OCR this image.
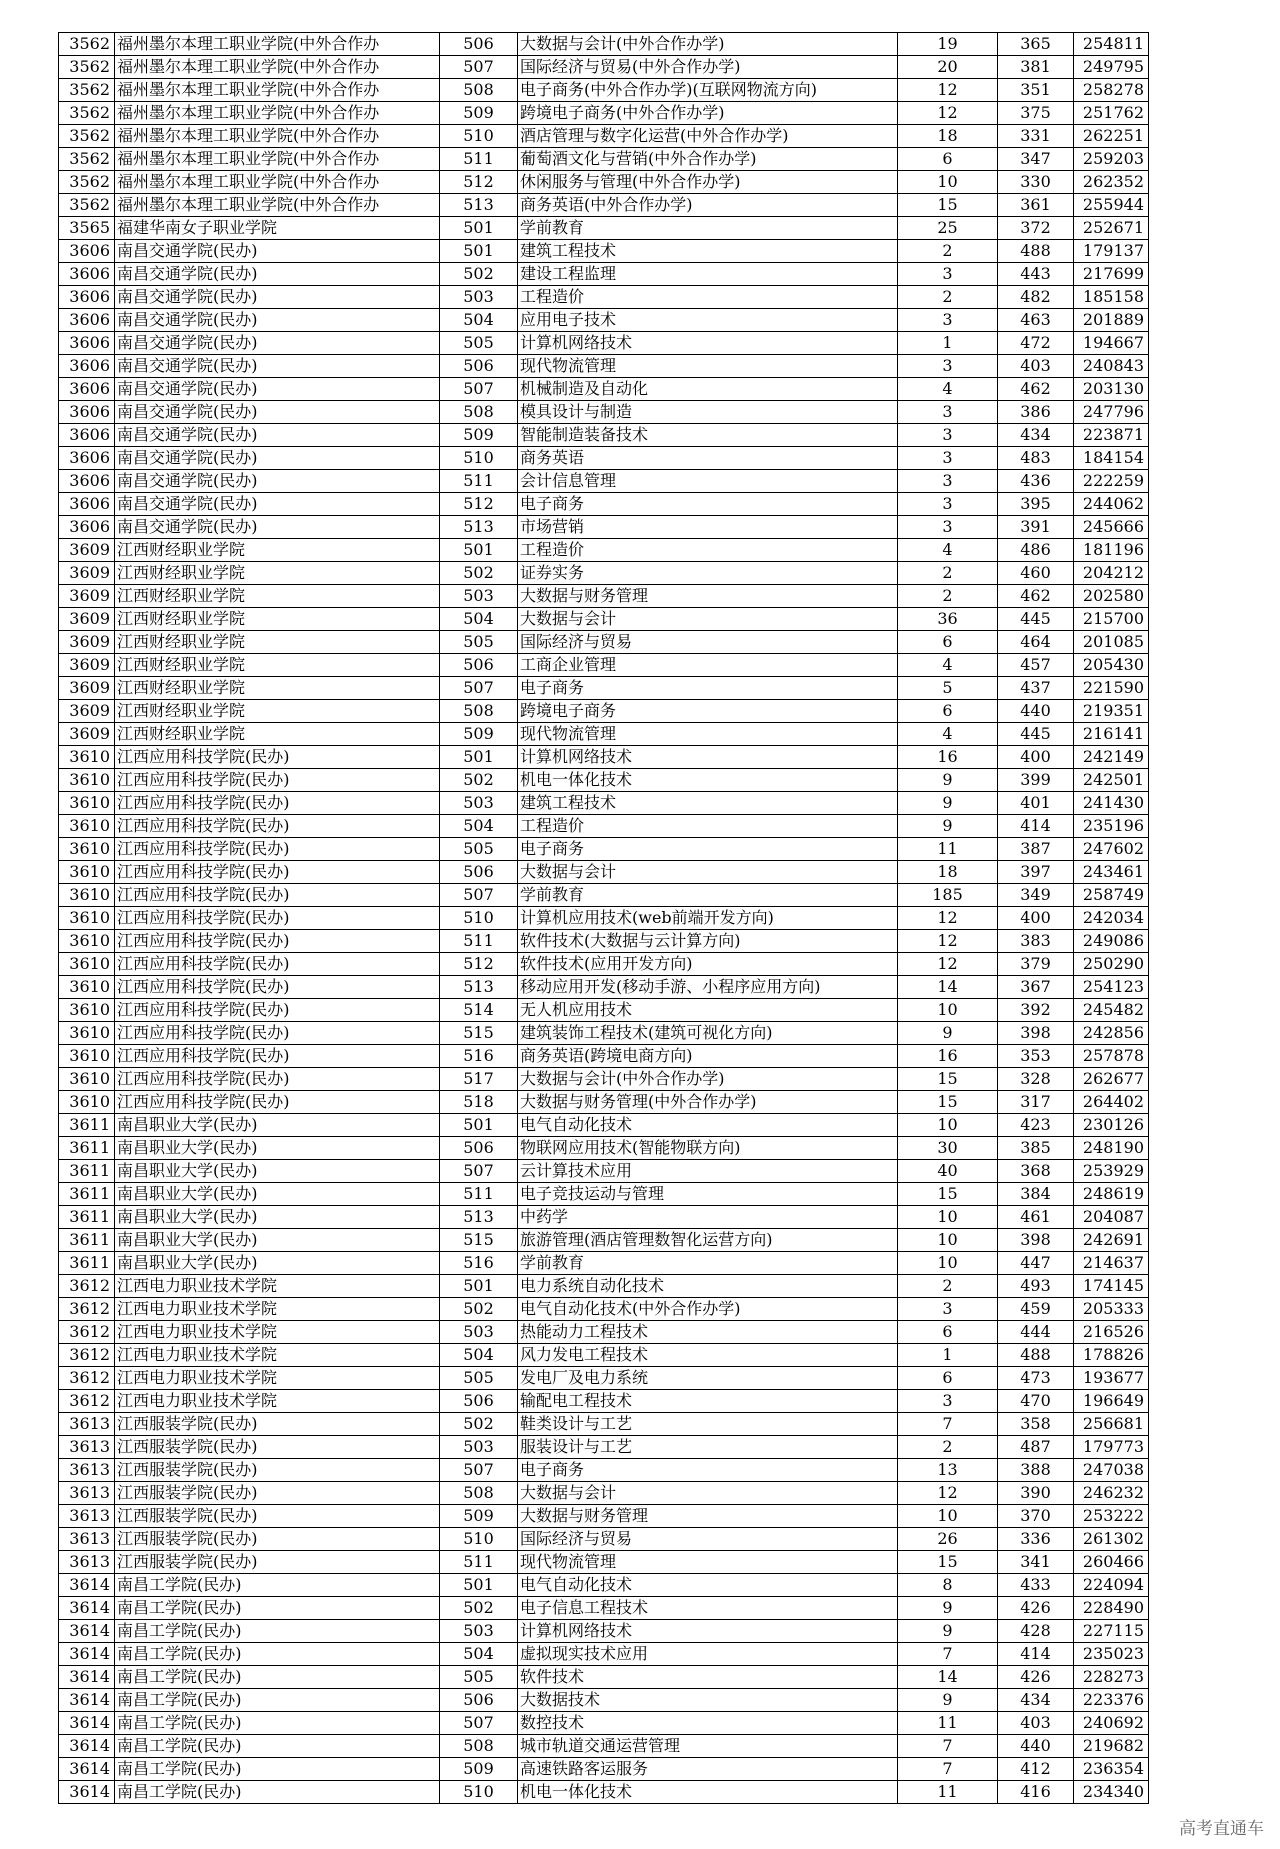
3562	福州墨尔本理工职业学院(中外合作办	506	大数据与会计(中外合作办学)	19	365	254811
3562	福州墨尔本理工职业学院(中外合作办	507	国际经济与贸易(中外合作办学)	20	381	249795
3562	福州墨尔本理工职业学院(中外合作办	508	电子商务(中外合作办学)(互联网物流方向)	12	351	258278
3562	福州墨尔本理工职业学院(中外合作办	509	跨境电子商务(中外合作办学)	12	375	251762
3562	福州墨尔本理工职业学院(中外合作办	510	酒店管理与数字化运营(中外合作办学)	18	331	262251
3562	福州墨尔本理工职业学院(中外合作办	511	葡萄酒文化与营销(中外合作办学)	6	347	259203
3562	福州墨尔本理工职业学院(中外合作办	512	休闲服务与管理(中外合作办学)	10	330	262352
3562	福州墨尔本理工职业学院(中外合作办	513	商务英语(中外合作办学)	15	361	255944
3565	福建华南女子职业学院	501	学前教育	25	372	252671
3606	南昌交通学院(民办)	501	建筑工程技术	2	488	179137
3606	南昌交通学院(民办)	502	建设工程监理	3	443	217699
3606	南昌交通学院(民办)	503	工程造价	2	482	185158
3606	南昌交通学院(民办)	504	应用电子技术	3	463	201889
3606	南昌交通学院(民办)	505	计算机网络技术	1	472	194667
3606	南昌交通学院(民办)	506	现代物流管理	3	403	240843
3606	南昌交通学院(民办)	507	机械制造及自动化	4	462	203130
3606	南昌交通学院(民办)	508	模具设计与制造	3	386	247796
3606	南昌交通学院(民办)	509	智能制造装备技术	3	434	223871
3606	南昌交通学院(民办)	510	商务英语	3	483	184154
3606	南昌交通学院(民办)	511	会计信息管理	3	436	222259
3606	南昌交通学院(民办)	512	电子商务	3	395	244062
3606	南昌交通学院(民办)	513	市场营销	3	391	245666
3609	江西财经职业学院	501	工程造价	4	486	181196
3609	江西财经职业学院	502	证券实务	2	460	204212
3609	江西财经职业学院	503	大数据与财务管理	2	462	202580
3609	江西财经职业学院	504	大数据与会计	36	445	215700
3609	江西财经职业学院	505	国际经济与贸易	6	464	201085
3609	江西财经职业学院	506	工商企业管理	4	457	205430
3609	江西财经职业学院	507	电子商务	5	437	221590
3609	江西财经职业学院	508	跨境电子商务	6	440	219351
3609	江西财经职业学院	509	现代物流管理	4	445	216141
3610	江西应用科技学院(民办)	501	计算机网络技术	16	400	242149
3610	江西应用科技学院(民办)	502	机电一体化技术	9	399	242501
3610	江西应用科技学院(民办)	503	建筑工程技术	9	401	241430
3610	江西应用科技学院(民办)	504	工程造价	9	414	235196
3610	江西应用科技学院(民办)	505	电子商务	11	387	247602
3610	江西应用科技学院(民办)	506	大数据与会计	18	397	243461
3610	江西应用科技学院(民办)	507	学前教育	185	349	258749
3610	江西应用科技学院(民办)	510	计算机应用技术(web前端开发方向)	12	400	242034
3610	江西应用科技学院(民办)	511	软件技术(大数据与云计算方向)	12	383	249086
3610	江西应用科技学院(民办)	512	软件技术(应用开发方向)	12	379	250290
3610	江西应用科技学院(民办)	513	移动应用开发(移动手游、小程序应用方向)	14	367	254123
3610	江西应用科技学院(民办)	514	无人机应用技术	10	392	245482
3610	江西应用科技学院(民办)	515	建筑装饰工程技术(建筑可视化方向)	9	398	242856
3610	江西应用科技学院(民办)	516	商务英语(跨境电商方向)	16	353	257878
3610	江西应用科技学院(民办)	517	大数据与会计(中外合作办学)	15	328	262677
3610	江西应用科技学院(民办)	518	大数据与财务管理(中外合作办学)	15	317	264402
3611	南昌职业大学(民办)	501	电气自动化技术	10	423	230126
3611	南昌职业大学(民办)	506	物联网应用技术(智能物联方向)	30	385	248190
3611	南昌职业大学(民办)	507	云计算技术应用	40	368	253929
3611	南昌职业大学(民办)	511	电子竞技运动与管理	15	384	248619
3611	南昌职业大学(民办)	513	中药学	10	461	204087
3611	南昌职业大学(民办)	515	旅游管理(酒店管理数智化运营方向)	10	398	242691
3611	南昌职业大学(民办)	516	学前教育	10	447	214637
3612	江西电力职业技术学院	501	电力系统自动化技术	2	493	174145
3612	江西电力职业技术学院	502	电气自动化技术(中外合作办学)	3	459	205333
3612	江西电力职业技术学院	503	热能动力工程技术	6	444	216526
3612	江西电力职业技术学院	504	风力发电工程技术	1	488	178826
3612	江西电力职业技术学院	505	发电厂及电力系统	6	473	193677
3612	江西电力职业技术学院	506	输配电工程技术	3	470	196649
3613	江西服装学院(民办)	502	鞋类设计与工艺	7	358	256681
3613	江西服装学院(民办)	503	服装设计与工艺	2	487	179773
3613	江西服装学院(民办)	507	电子商务	13	388	247038
3613	江西服装学院(民办)	508	大数据与会计	12	390	246232
3613	江西服装学院(民办)	509	大数据与财务管理	10	370	253222
3613	江西服装学院(民办)	510	国际经济与贸易	26	336	261302
3613	江西服装学院(民办)	511	现代物流管理	15	341	260466
3614	南昌工学院(民办)	501	电气自动化技术	8	433	224094
3614	南昌工学院(民办)	502	电子信息工程技术	9	426	228490
3614	南昌工学院(民办)	503	计算机网络技术	9	428	227115
3614	南昌工学院(民办)	504	虚拟现实技术应用	7	414	235023
3614	南昌工学院(民办)	505	软件技术	14	426	228273
3614	南昌工学院(民办)	506	大数据技术	9	434	223376
3614	南昌工学院(民办)	507	数控技术	11	403	240692
3614	南昌工学院(民办)	508	城市轨道交通运营管理	7	440	219682
3614	南昌工学院(民办)	509	高速铁路客运服务	7	412	236354
3614	南昌工学院(民办)	510	机电一体化技术	11	416	234340
高考直通车
